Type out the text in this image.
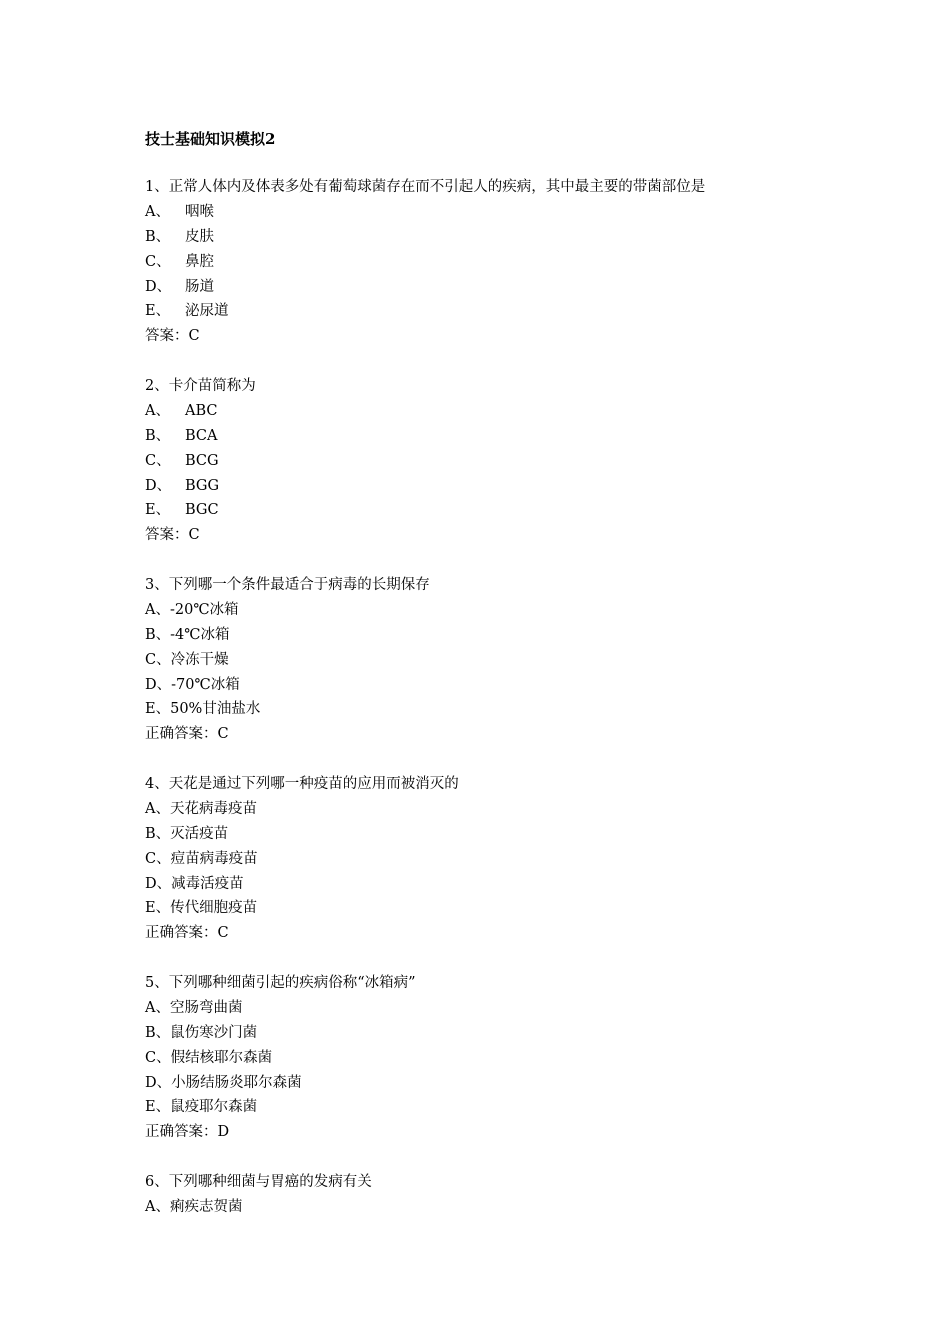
技士基础知识模拟2
1、正常人体内及体表多处有葡萄球菌存在而不引起人的疾病，其中最主要的带菌部位是
A、 咽喉
B、 皮肤
C、 鼻腔
D、 肠道
E、 泌尿道
答案：C
2、卡介苗简称为
A、 ABC
B、 BCA
C、 BCG
D、 BGG
E、 BGC
答案：C
3、下列哪一个条件最适合于病毒的长期保存
A、-20℃冰箱
B、-4℃冰箱
C、冷冻干燥
D、-70℃冰箱
E、50%甘油盐水
正确答案：C
4、天花是通过下列哪一种疫苗的应用而被消灭的
A、天花病毒疫苗
B、灭活疫苗
C、痘苗病毒疫苗
D、减毒活疫苗
E、传代细胞疫苗
正确答案：C
5、下列哪种细菌引起的疾病俗称“冰箱病”
A、空肠弯曲菌
B、鼠伤寒沙门菌
C、假结核耶尔森菌
D、小肠结肠炎耶尔森菌
E、鼠疫耶尔森菌
正确答案：D
6、下列哪种细菌与胃癌的发病有关
A、痢疾志贺菌
